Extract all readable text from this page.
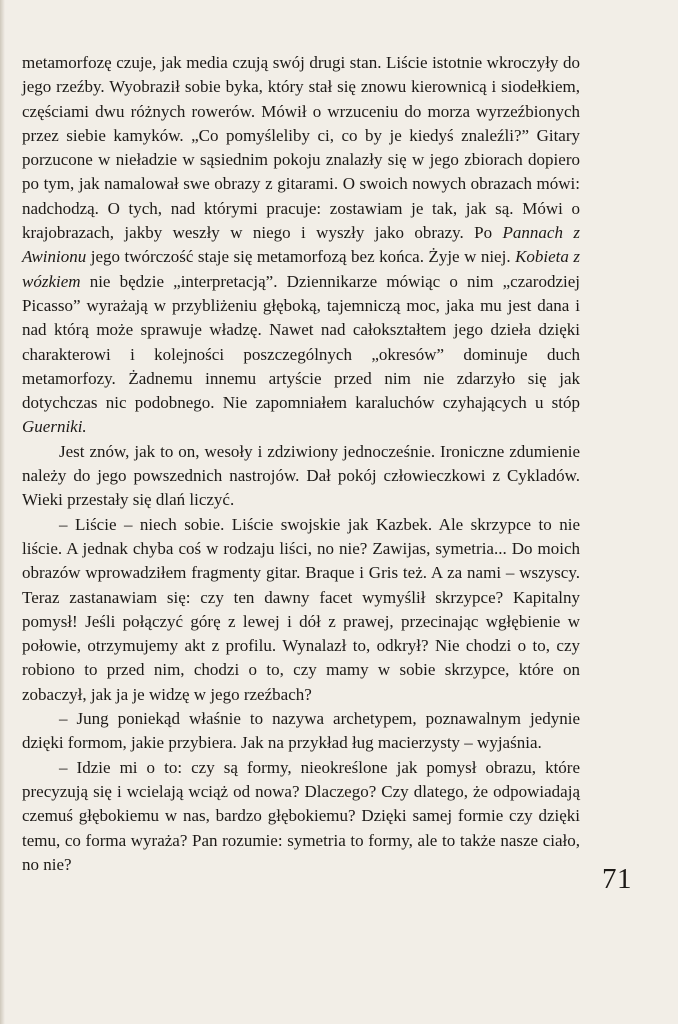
metamorfozę czuje, jak media czują swój drugi stan. Liście istotnie wkroczyły do jego rzeźby. Wyobraził sobie byka, który stał się znowu kierownicą i siodełkiem, częściami dwu różnych rowerów. Mówił o wrzuceniu do morza wyrzeźbionych przez siebie kamyków. „Co pomyśleliby ci, co by je kiedyś znaleźli?” Gitary porzucone w nieładzie w sąsiednim pokoju znalazły się w jego zbiorach dopiero po tym, jak namalował swe obrazy z gitarami. O swoich nowych obrazach mówi: nadchodzą. O tych, nad którymi pracuje: zostawiam je tak, jak są. Mówi o krajobrazach, jakby weszły w niego i wyszły jako obrazy. Po Pannach z Awinionu jego twórczość staje się metamorfozą bez końca. Żyje w niej. Kobieta z wózkiem nie będzie „interpretacją”. Dziennikarze mówiąc o nim „czarodziej Picasso” wyrażają w przybliżeniu głęboką, tajemniczą moc, jaka mu jest dana i nad którą może sprawuje władzę. Nawet nad całokształtem jego dzieła dzięki charakterowi i kolejności poszczególnych „okresów” dominuje duch metamorfozy. Żadnemu innemu artyście przed nim nie zdarzyło się jak dotychczas nic podobnego. Nie zapomniałem karaluchów czyhających u stóp Guerniki.

Jest znów, jak to on, wesoły i zdziwiony jednocześnie. Ironiczne zdumienie należy do jego powszednich nastrojów. Dał pokój człowieczkowi z Cykladów. Wieki przestały się dlań liczyć.

– Liście – niech sobie. Liście swojskie jak Kazbek. Ale skrzypce to nie liście. A jednak chyba coś w rodzaju liści, no nie? Zawijas, symetria... Do moich obrazów wprowadziłem fragmenty gitar. Braque i Gris też. A za nami – wszyscy. Teraz zastanawiam się: czy ten dawny facet wymyślił skrzypce? Kapitalny pomysł! Jeśli połączyć górę z lewej i dół z prawej, przecinając wgłębienie w połowie, otrzymujemy akt z profilu. Wynalazł to, odkrył? Nie chodzi o to, czy robiono to przed nim, chodzi o to, czy mamy w sobie skrzypce, które on zobaczył, jak ja je widzę w jego rzeźbach?

– Jung poniekąd właśnie to nazywa archetypem, poznawalnym jedynie dzięki formom, jakie przybiera. Jak na przykład ług macierzysty – wyjaśnia.

– Idzie mi o to: czy są formy, nieokreślone jak pomysł obrazu, które precyzują się i wcielają wciąż od nowa? Dlaczego? Czy dlatego, że odpowiadają czemuś głębokiemu w nas, bardzo głębokiemu? Dzięki samej formie czy dzięki temu, co forma wyraża? Pan rozumie: symetria to formy, ale to także nasze ciało, no nie?	71
